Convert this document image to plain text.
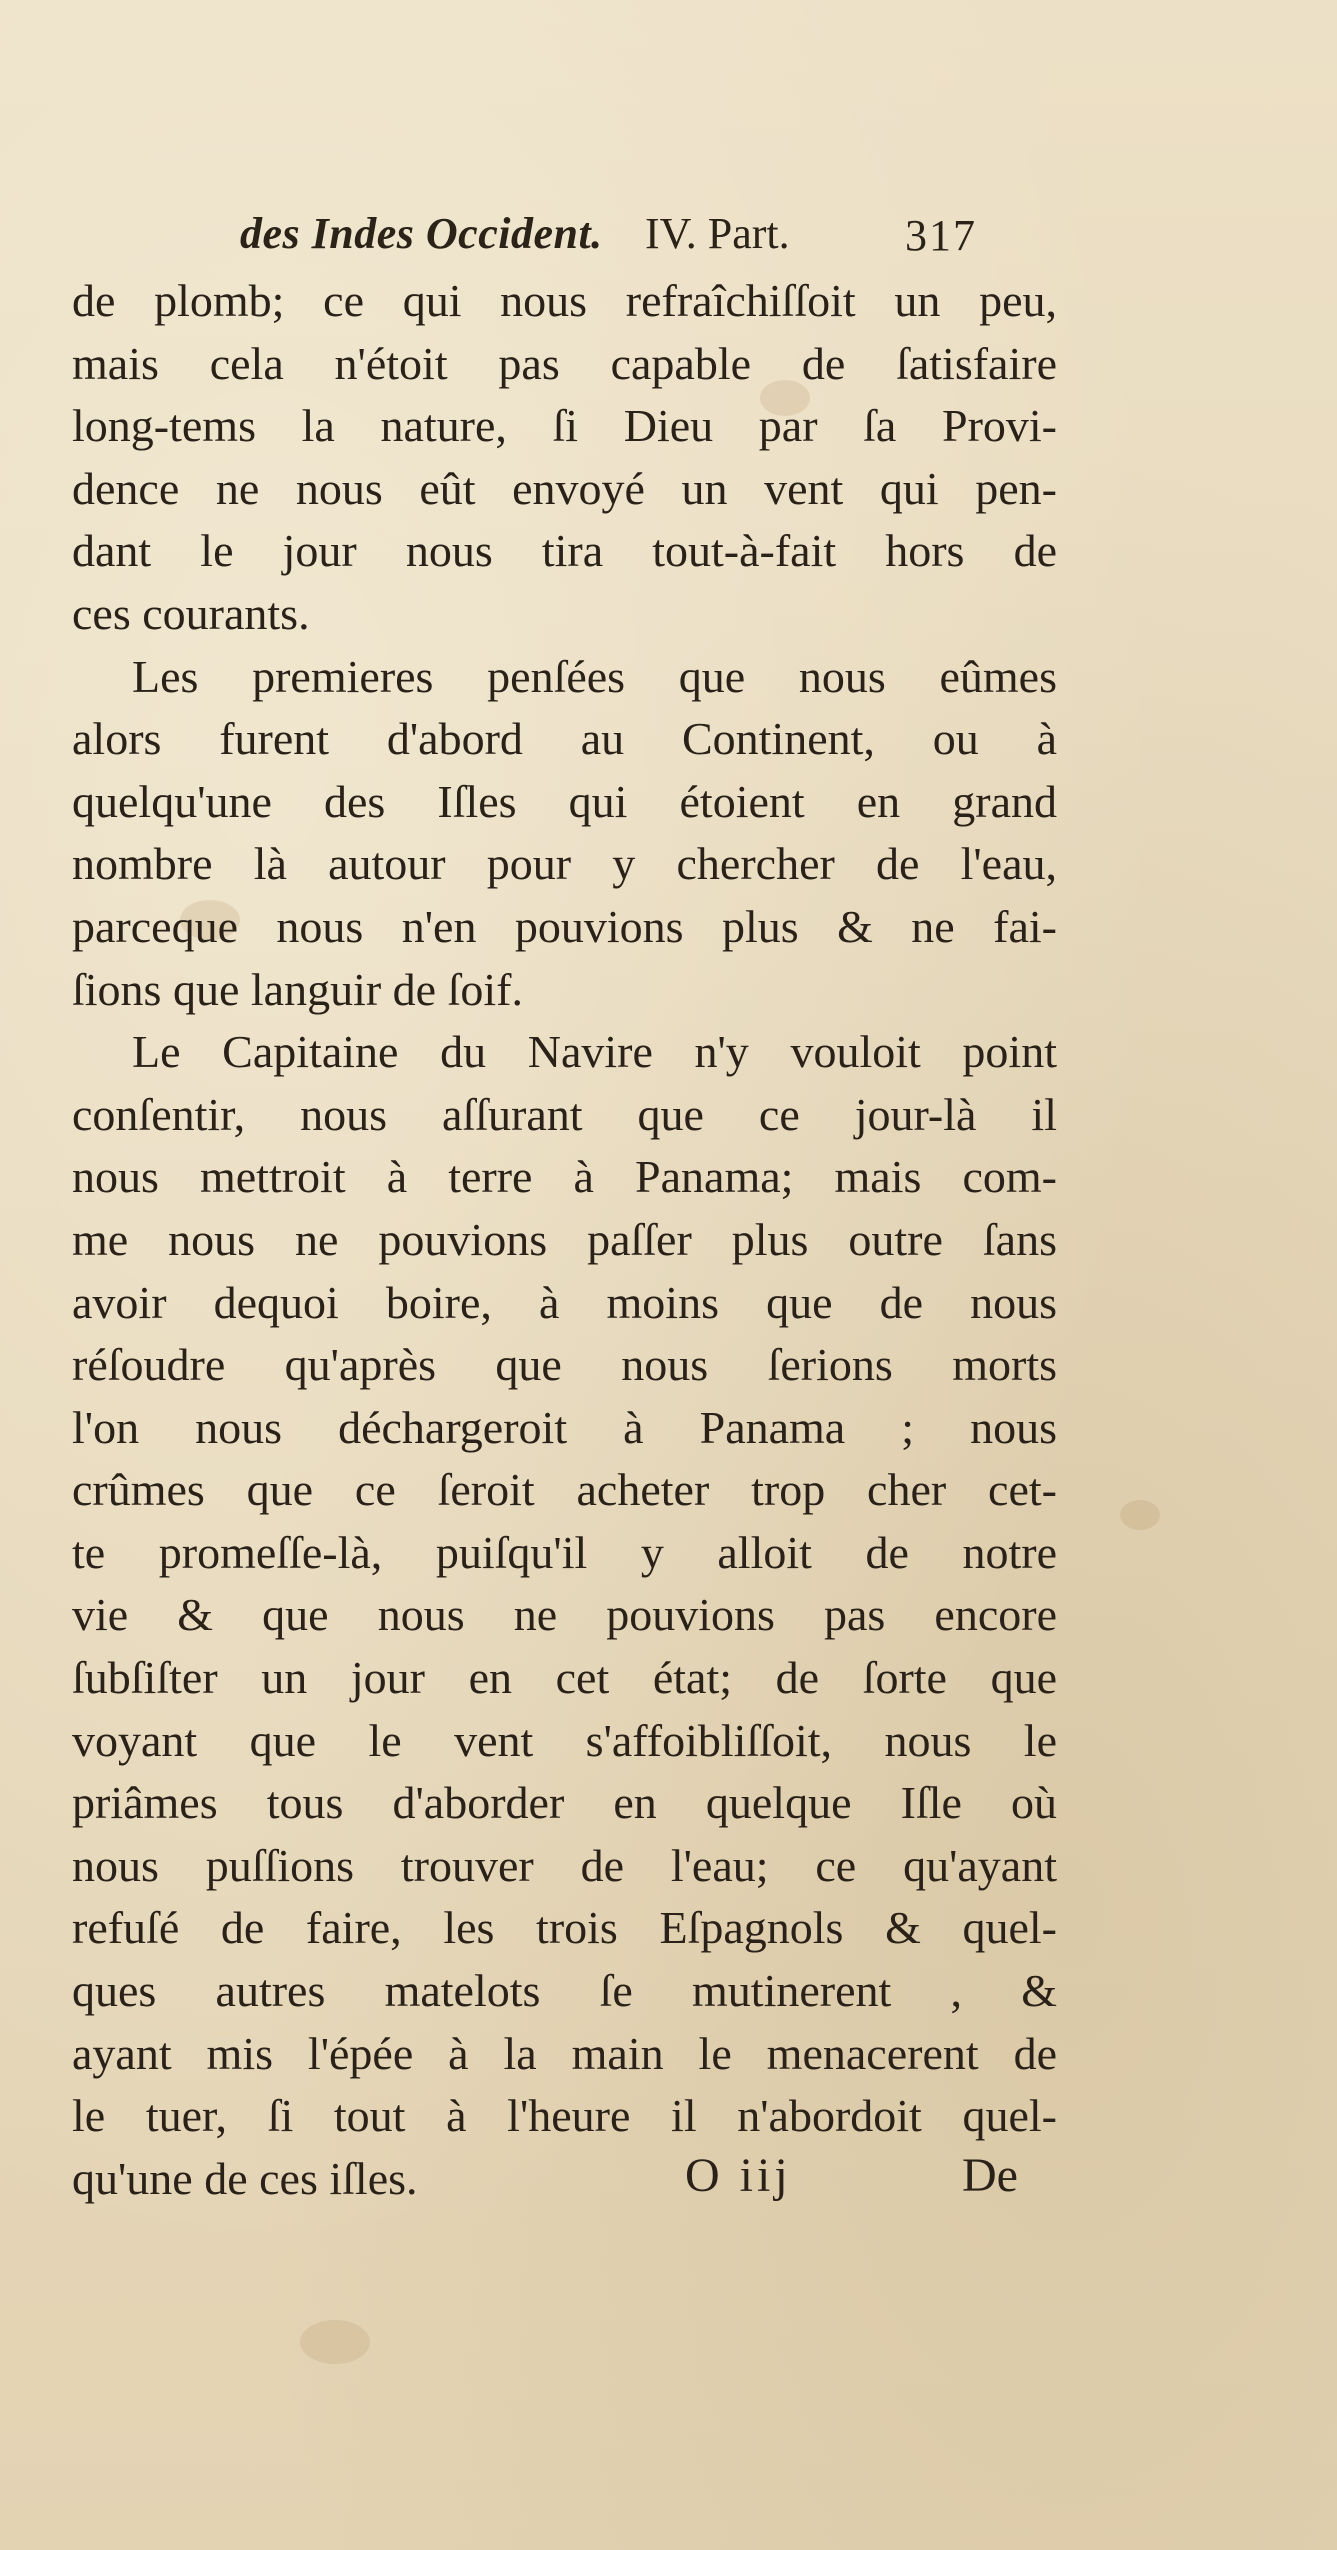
des Indes Occident. IV. Part.	317
de plomb; ce qui nous refraîchiſſoit un peu,
mais cela n'étoit pas capable de ſatisfaire
long-tems la nature, ſi Dieu par ſa Provi-
dence ne nous eût envoyé un vent qui pen-
dant le jour nous tira tout-à-fait hors de
ces courants.
Les premieres penſées que nous eûmes
alors furent d'abord au Continent, ou à
quelqu'une des Iſles qui étoient en grand
nombre là autour pour y chercher de l'eau,
parceque nous n'en pouvions plus & ne fai-
ſions que languir de ſoif.
Le Capitaine du Navire n'y vouloit point
conſentir, nous aſſurant que ce jour-là il
nous mettroit à terre à Panama; mais com-
me nous ne pouvions paſſer plus outre ſans
avoir dequoi boire, à moins que de nous
réſoudre qu'après que nous ſerions morts
l'on nous déchargeroit à Panama ; nous
crûmes que ce ſeroit acheter trop cher cet-
te promeſſe-là, puiſqu'il y alloit de notre
vie & que nous ne pouvions pas encore
ſubſiſter un jour en cet état; de ſorte que
voyant que le vent s'affoibliſſoit, nous le
priâmes tous d'aborder en quelque Iſle où
nous puſſions trouver de l'eau; ce qu'ayant
refuſé de faire, les trois Eſpagnols & quel-
ques autres matelots ſe mutinerent , &
ayant mis l'épée à la main le menacerent de
le tuer, ſi tout à l'heure il n'abordoit quel-
qu'une de ces iſles.	O iij	De
